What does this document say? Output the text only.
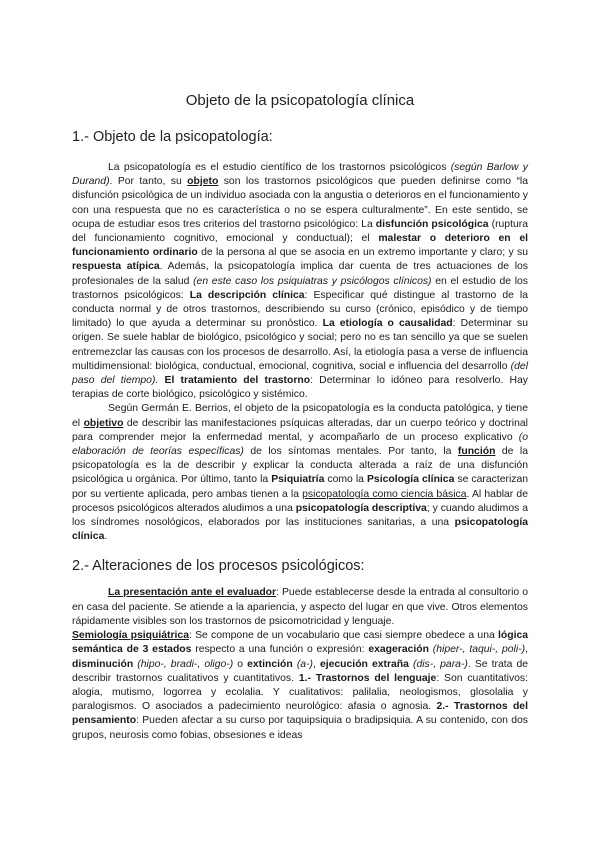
Objeto de la psicopatología clínica
1.- Objeto de la psicopatología:

La psicopatología es el estudio científico de los trastornos psicológicos (según Barlow y Durand). Por tanto, su objeto son los trastornos psicológicos que pueden definirse como “la disfunción psicológica de un individuo asociada con la angustia o deterioros en el funcionamiento y con una respuesta que no es característica o no se espera culturalmente”. En este sentido, se ocupa de estudiar esos tres criterios del trastorno psicológico: La disfunción psicológica (ruptura del funcionamiento cognitivo, emocional y conductual); el malestar o deterioro en el funcionamiento ordinario de la persona al que se asocia en un extremo importante y claro; y su respuesta atípica. Además, la psicopatología implica dar cuenta de tres actuaciones de los profesionales de la salud (en este caso los psiquiatras y psicólogos clínicos) en el estudio de los trastornos psicológicos: La descripción clínica: Especificar qué distingue al trastorno de la conducta normal y de otros trastornos, describiendo su curso (crónico, episódico y de tiempo limitado) lo que ayuda a determinar su pronóstico. La etiología o causalidad: Determinar su origen. Se suele hablar de biológico, psicológico y social; pero no es tan sencillo ya que se suelen entremezclar las causas con los procesos de desarrollo. Así, la etiología pasa a verse de influencia multidimensional: biológica, conductual, emocional, cognitiva, social e influencia del desarrollo (del paso del tiempo). El tratamiento del trastorno: Determinar lo idóneo para resolverlo. Hay terapias de corte biológico, psicológico y sistémico.

Según Germán E. Berrios, el objeto de la psicopatología es la conducta patológica, y tiene el objetivo de describir las manifestaciones psíquicas alteradas, dar un cuerpo teórico y doctrinal para comprender mejor la enfermedad mental, y acompañarlo de un proceso explicativo (o elaboración de teorías específicas) de los síntomas mentales. Por tanto, la función de la psicopatología es la de describir y explicar la conducta alterada a raíz de una disfunción psicológica u orgánica. Por último, tanto la Psiquiatría como la Psicología clínica se caracterizan por su vertiente aplicada, pero ambas tienen a la psicopatología como ciencia básica. Al hablar de procesos psicológicos alterados aludimos a una psicopatología descriptiva; y cuando aludimos a los síndromes nosológicos, elaborados por las instituciones sanitarias, a una psicopatología clínica.

2.- Alteraciones de los procesos psicológicos:

La presentación ante el evaluador: Puede establecerse desde la entrada al consultorio o en casa del paciente. Se atiende a la apariencia, y aspecto del lugar en que vive. Otros elementos rápidamente visibles son los trastornos de psicomotricidad y lenguaje.

Semiología psiquiátrica: Se compone de un vocabulario que casi siempre obedece a una lógica semántica de 3 estados respecto a una función o expresión: exageración (hiper-, taqui-, poli-), disminución (hipo-, bradi-, oligo-) o extinción (a-), ejecución extraña (dis-, para-). Se trata de describir trastornos cualitativos y cuantitativos. 1.- Trastornos del lenguaje: Son cuantitativos: alogia, mutismo, logorrea y ecolalia. Y cualitativos: palilalia, neologismos, glosolalia y paralogismos. O asociados a padecimiento neurológico: afasia o agnosia. 2.- Trastornos del pensamiento: Pueden afectar a su curso por taquipsiquia o bradipsiquia. A su contenido, con dos grupos, neurosis como fobias, obsesiones e ideas
